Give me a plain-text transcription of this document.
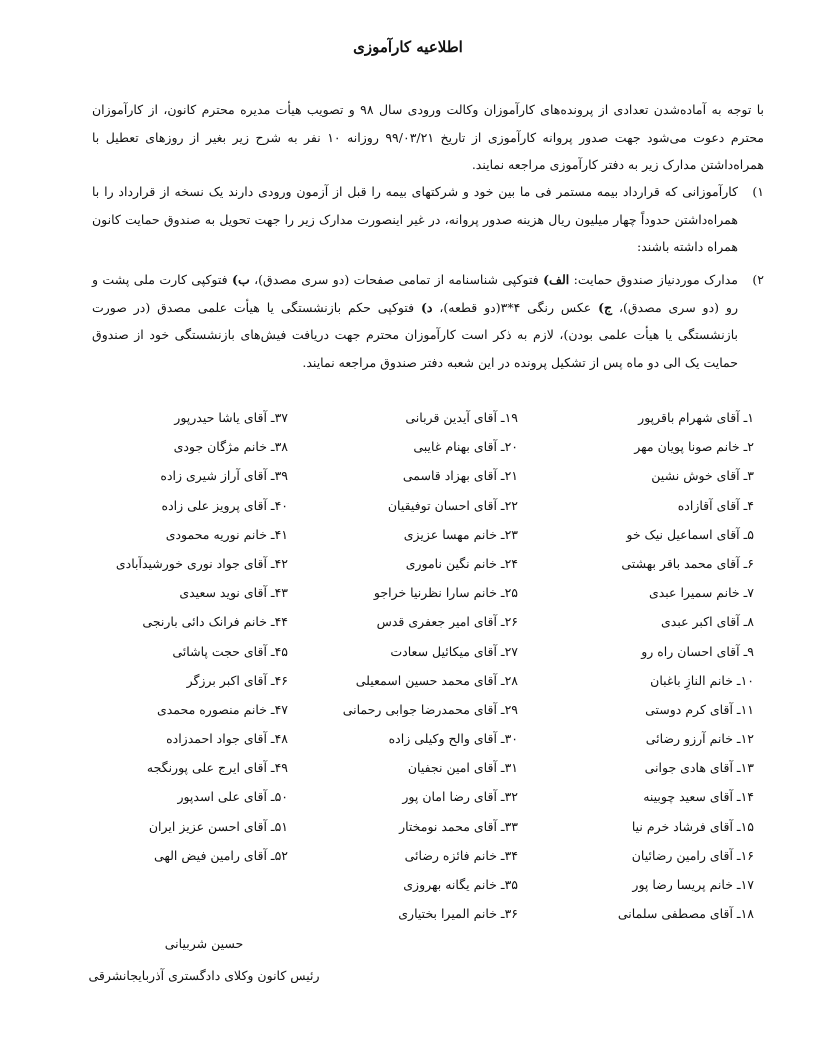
اطلاعیه کارآموزی
با توجه به آماده‌شدن تعدادی از پرونده‌های کارآموزان وکالت ورودی سال ۹۸ و تصویب هیأت مدیره محترم کانون، از کارآموزان محترم دعوت می‌شود جهت صدور پروانه کارآموزی از تاریخ ۹۹/۰۳/۲۱ روزانه ۱۰ نفر به شرح زیر بغیر از روزهای تعطیل با همراه‌داشتن مدارک زیر به دفتر کارآموزی مراجعه نمایند.
۱)
کارآموزانی که قرارداد بیمه مستمر فی ما بین خود و شرکتهای بیمه را قبل از آزمون ورودی دارند یک نسخه از قرارداد را با همراه‌داشتن حدوداً چهار میلیون ریال هزینه صدور پروانه، در غیر اینصورت مدارک زیر را جهت تحویل به صندوق حمایت کانون همراه داشته باشند:
۲)
مدارک موردنیاز صندوق حمایت: الف) فتوکپی شناسنامه از تمامی صفحات (دو سری مصدق)، ب) فتوکپی کارت ملی پشت و رو (دو سری مصدق)، ج) عکس رنگی ۴*۳(دو قطعه)، د) فتوکپی حکم بازنشستگی یا هیأت علمی مصدق (در صورت بازنشستگی یا هیأت علمی بودن)، لازم به ذکر است کارآموزان محترم جهت دریافت فیش‌های بازنشستگی خود از صندوق حمایت یک الی دو ماه پس از تشکیل پرونده در این شعبه دفتر صندوق مراجعه نمایند.
۱ـ آقای شهرام باقرپور
۲ـ خانم صونا پویان مهر
۳ـ آقای خوش نشین
۴ـ آقای آقازاده
۵ـ آقای اسماعیل نیک خو
۶ـ آقای محمد باقر بهشتی
۷ـ خانم سمیرا عبدی
۸ـ آقای اکبر عبدی
۹ـ آقای احسان راه رو
۱۰ـ خانم النازِ باغبان
۱۱ـ آقای کرم دوستی
۱۲ـ خانم آرزو رضائی
۱۳ـ آقای هادی جوانی
۱۴ـ آقای سعید چوبینه
۱۵ـ آقای فرشاد خرم نیا
۱۶ـ آقای رامین رضائیان
۱۷ـ خانم پریسا رضا پور
۱۸ـ آقای مصطفی سلمانی
۱۹ـ آقای آیدین قربانی
۲۰ـ آقای بهنام غایبی
۲۱ـ آقای بهزاد قاسمی
۲۲ـ آقای احسان توفیقیان
۲۳ـ خانم مهسا عزیزی
۲۴ـ خانم نگین ناموری
۲۵ـ خانم سارا نظرنیا خراجو
۲۶ـ آقای امیر جعفری قدس
۲۷ـ آقای میکائیل سعادت
۲۸ـ آقای محمد حسین اسمعیلی
۲۹ـ آقای محمدرضا جوابی رحمانی
۳۰ـ آقای والح وکیلی زاده
۳۱ـ آقای امین نجفیان
۳۲ـ آقای رضا امان پور
۳۳ـ آقای محمد نومختار
۳۴ـ خانم فائزه رضائی
۳۵ـ خانم یگانه بهروزی
۳۶ـ خانم المیرا بختیاری
۳۷ـ آقای یاشا حیدرپور
۳۸ـ خانم مژگان جودی
۳۹ـ آقای آراز شیری زاده
۴۰ـ آقای پرویز علی زاده
۴۱ـ خانم نوریه محمودی
۴۲ـ آقای جواد نوری خورشیدآبادی
۴۳ـ آقای نوید سعیدی
۴۴ـ خانم فرانک دائی بارنجی
۴۵ـ آقای حجت پاشائی
۴۶ـ آقای اکبر برزگر
۴۷ـ خانم منصوره محمدی
۴۸ـ آقای جواد احمدزاده
۴۹ـ آقای ایرج علی پورنگجه
۵۰ـ آقای علی اسدپور
۵۱ـ آقای احسن عزیز ایران
۵۲ـ آقای رامین فیض الهی
حسین شربیانی
رئیس کانون وکلای دادگستری آذربایجانشرقی
